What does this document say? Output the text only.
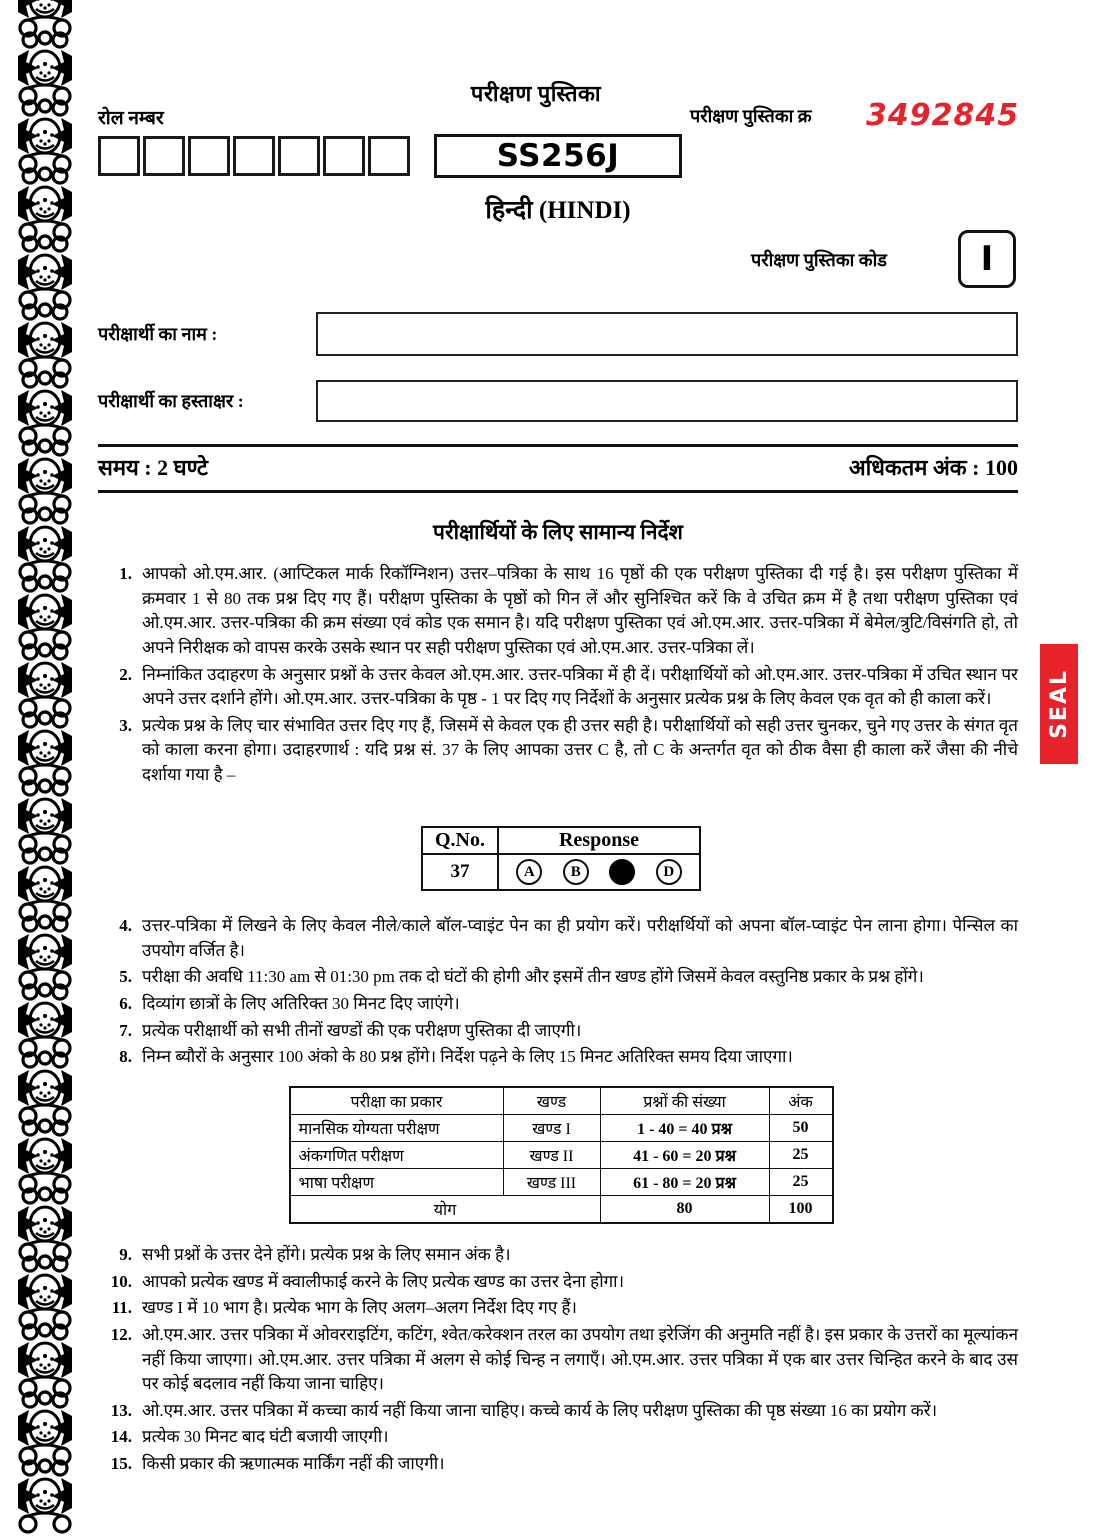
SEAL
परीक्षण पुस्तिका
रोल नम्बर
SS256J
हिन्दी (HINDI)
परीक्षण पुस्तिका क्र 3492845
परीक्षण पुस्तिका कोड	I
परीक्षार्थी का नाम :
परीक्षार्थी का हस्ताक्षर :
समय : 2 घण्टे	अधिकतम अंक : 100
परीक्षार्थियों के लिए सामान्य निर्देश
1. आपको ओ.एम.आर. (आप्टिकल मार्क रिकॉग्निशन) उत्तर–पत्रिका के साथ 16 पृष्ठों की एक परीक्षण पुस्तिका दी गई है। इस परीक्षण पुस्तिका में क्रमवार 1 से 80 तक प्रश्न दिए गए हैं। परीक्षण पुस्तिका के पृष्ठों को गिन लें और सुनिश्चित करें कि वे उचित क्रम में है तथा परीक्षण पुस्तिका एवं ओ.एम.आर. उत्तर-पत्रिका की क्रम संख्या एवं कोड एक समान है। यदि परीक्षण पुस्तिका एवं ओ.एम.आर. उत्तर-पत्रिका में बेमेल/त्रुटि/विसंगति हो, तो अपने निरीक्षक को वापस करके उसके स्थान पर सही परीक्षण पुस्तिका एवं ओ.एम.आर. उत्तर-पत्रिका लें।
2. निम्नांकित उदाहरण के अनुसार प्रश्नों के उत्तर केवल ओ.एम.आर. उत्तर-पत्रिका में ही दें। परीक्षार्थियों को ओ.एम.आर. उत्तर-पत्रिका में उचित स्थान पर अपने उत्तर दर्शाने होंगे। ओ.एम.आर. उत्तर-पत्रिका के पृष्ठ - 1 पर दिए गए निर्देशों के अनुसार प्रत्येक प्रश्न के लिए केवल एक वृत को ही काला करें।
3. प्रत्येक प्रश्न के लिए चार संभावित उत्तर दिए गए हैं, जिसमें से केवल एक ही उत्तर सही है। परीक्षार्थियों को सही उत्तर चुनकर, चुने गए उत्तर के संगत वृत को काला करना होगा। उदाहरणार्थ : यदि प्रश्न सं. 37 के लिए आपका उत्तर C है, तो C के अन्तर्गत वृत को ठीक वैसा ही काला करें जैसा की नीचे दर्शाया गया है –
Q.No.	Response
37	A B D
4. उत्तर-पत्रिका में लिखने के लिए केवल नीले/काले बॉल-प्वाइंट पेन का ही प्रयोग करें। परीक्षर्थियों को अपना बॉल-प्वाइंट पेन लाना होगा। पेन्सिल का उपयोग वर्जित है।
5. परीक्षा की अवधि 11:30 am से 01:30 pm तक दो घंटों की होगी और इसमें तीन खण्ड होंगे जिसमें केवल वस्तुनिष्ठ प्रकार के प्रश्न होंगे।
6. दिव्यांग छात्रों के लिए अतिरिक्त 30 मिनट दिए जाएंगे।
7. प्रत्येक परीक्षार्थी को सभी तीनों खण्डों की एक परीक्षण पुस्तिका दी जाएगी।
8. निम्न ब्यौरों के अनुसार 100 अंको के 80 प्रश्न होंगे। निर्देश पढ़ने के लिए 15 मिनट अतिरिक्त समय दिया जाएगा।
परीक्षा का प्रकार	खण्ड	प्रश्नों की संख्या	अंक
मानसिक योग्यता परीक्षण	खण्ड I	1 - 40 = 40 प्रश्न	50
अंकगणित परीक्षण	खण्ड II	41 - 60 = 20 प्रश्न	25
भाषा परीक्षण	खण्ड III	61 - 80 = 20 प्रश्न	25
योग		80	100
9. सभी प्रश्नों के उत्तर देने होंगे। प्रत्येक प्रश्न के लिए समान अंक है।
10. आपको प्रत्येक खण्ड में क्वालीफाई करने के लिए प्रत्येक खण्ड का उत्तर देना होगा।
11. खण्ड I में 10 भाग है। प्रत्येक भाग के लिए अलग–अलग निर्देश दिए गए हैं।
12. ओ.एम.आर. उत्तर पत्रिका में ओवरराइटिंग, कटिंग, श्वेत/करेक्शन तरल का उपयोग तथा इरेजिंग की अनुमति नहीं है। इस प्रकार के उत्तरों का मूल्यांकन नहीं किया जाएगा। ओ.एम.आर. उत्तर पत्रिका में अलग से कोई चिन्ह न लगाएँ। ओ.एम.आर. उत्तर पत्रिका में एक बार उत्तर चिन्हित करने के बाद उस पर कोई बदलाव नहीं किया जाना चाहिए।
13. ओ.एम.आर. उत्तर पत्रिका में कच्चा कार्य नहीं किया जाना चाहिए। कच्चे कार्य के लिए परीक्षण पुस्तिका की पृष्ठ संख्या 16 का प्रयोग करें।
14. प्रत्येक 30 मिनट बाद घंटी बजायी जाएगी।
15. किसी प्रकार की ऋणात्मक मार्किंग नहीं की जाएगी।
